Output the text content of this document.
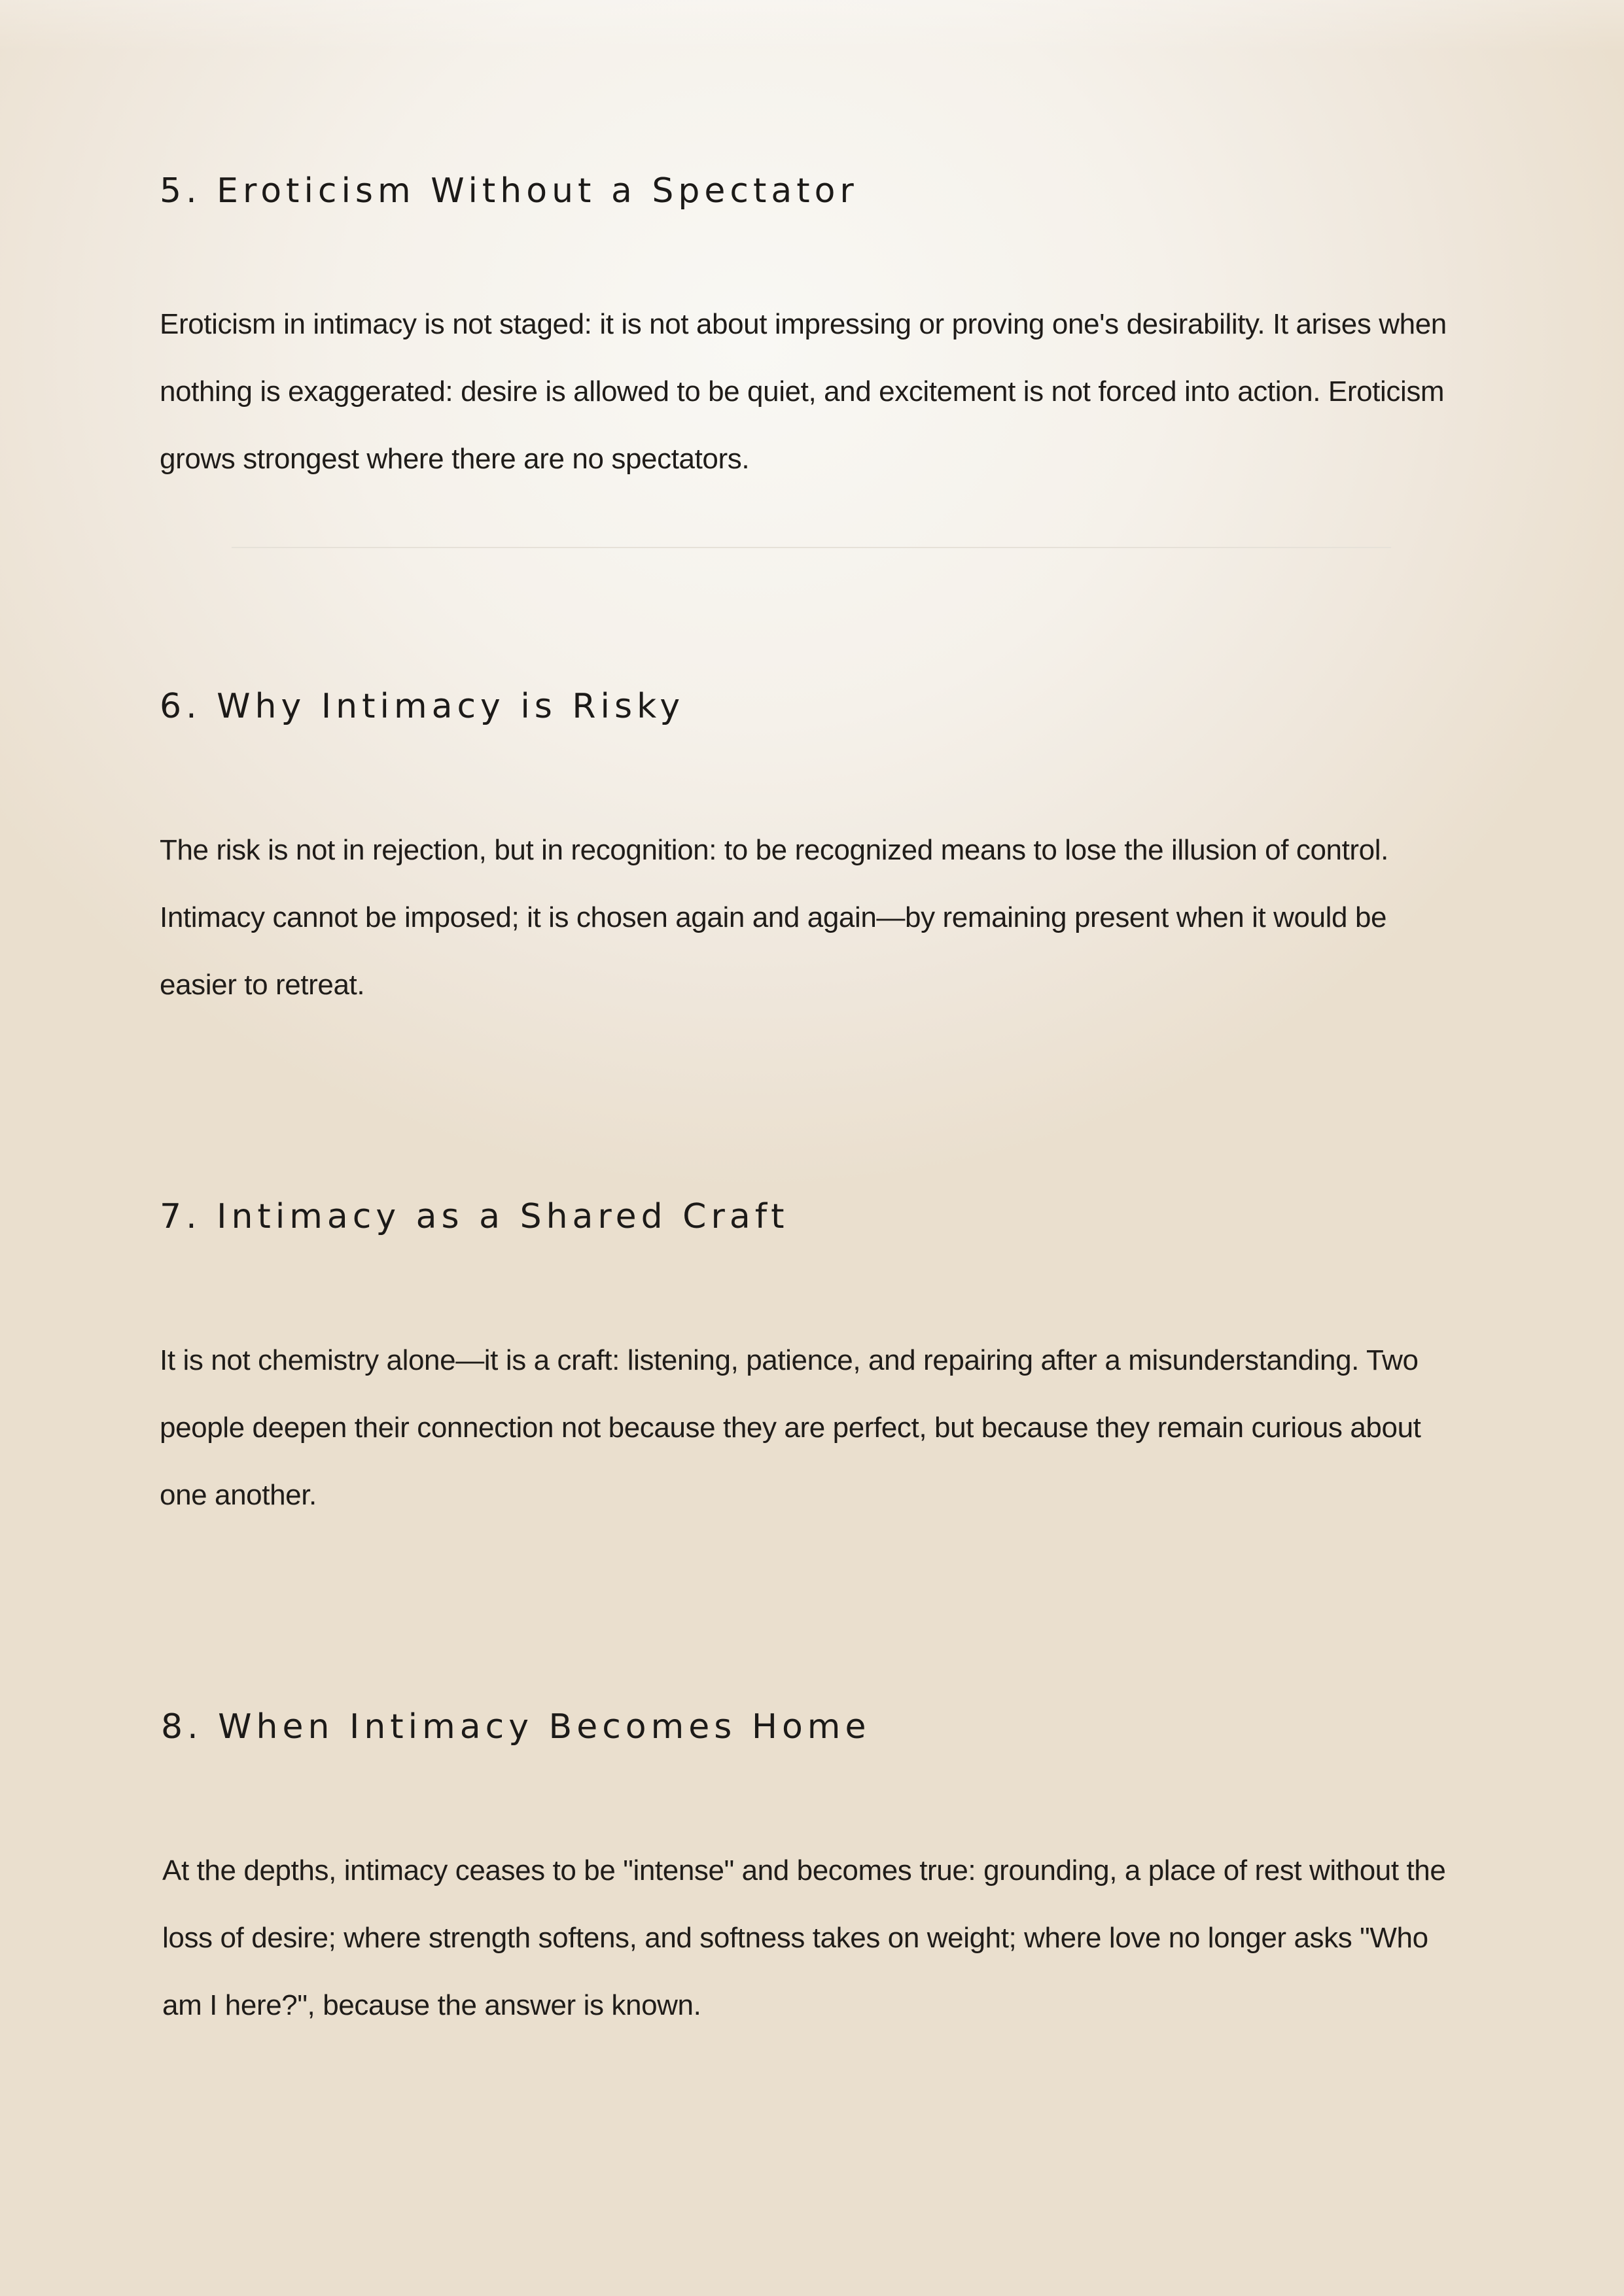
5. Eroticism Without a Spectator

Eroticism in intimacy is not staged: it is not about impressing or proving one's desirability. It arises when nothing is exaggerated: desire is allowed to be quiet, and excitement is not forced into action. Eroticism grows strongest where there are no spectators.

6. Why Intimacy is Risky

The risk is not in rejection, but in recognition: to be recognized means to lose the illusion of control. Intimacy cannot be imposed; it is chosen again and again—by remaining present when it would be easier to retreat.

7. Intimacy as a Shared Craft

It is not chemistry alone—it is a craft: listening, patience, and repairing after a misunderstanding. Two people deepen their connection not because they are perfect, but because they remain curious about one another.

8. When Intimacy Becomes Home

At the depths, intimacy ceases to be "intense" and becomes true: grounding, a place of rest without the loss of desire; where strength softens, and softness takes on weight; where love no longer asks "Who am I here?", because the answer is known.
